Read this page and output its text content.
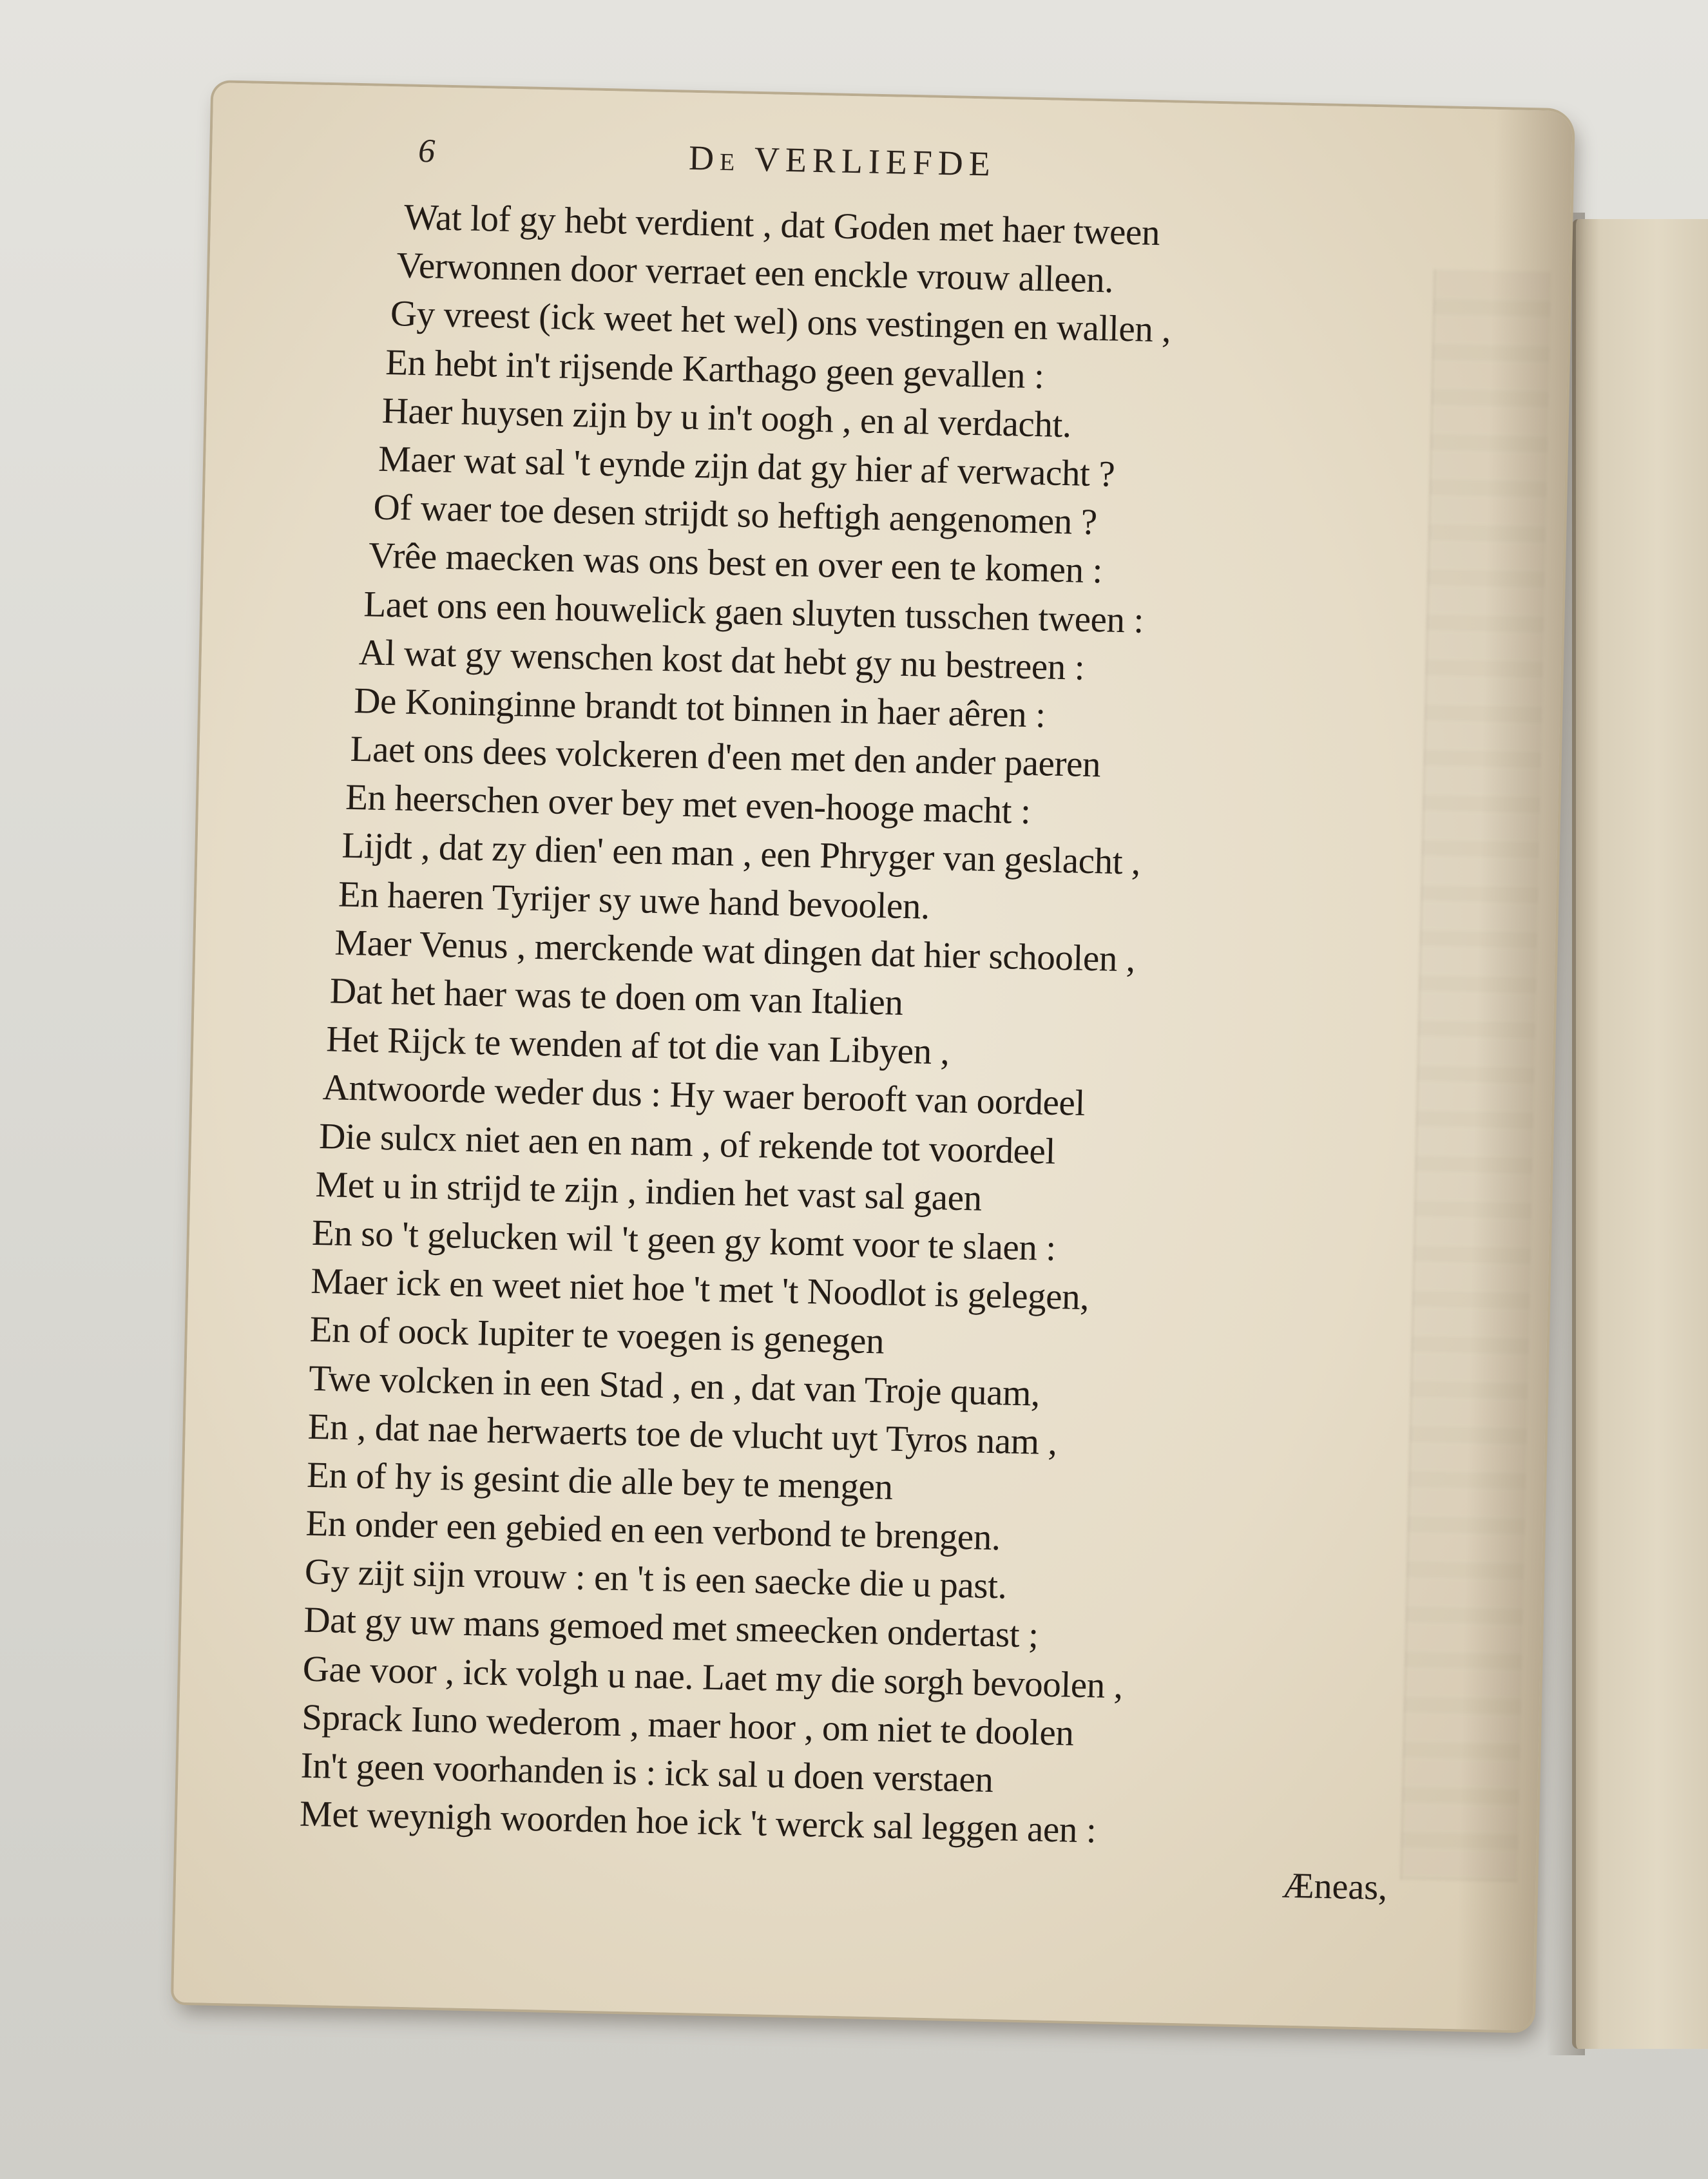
6	De VERLIEFDE
Wat lof gy hebt verdient , dat Goden met haer tween
Verwonnen door verraet een enckle vrouw alleen.
Gy vreest (ick weet het wel) ons vestingen en wallen ,
En hebt in't rijsende Karthago geen gevallen :
Haer huysen zijn by u in't oogh , en al verdacht.
Maer wat sal 't eynde zijn dat gy hier af verwacht ?
Of waer toe desen strijdt so heftigh aengenomen ?
Vrêe maecken was ons best en over een te komen :
Laet ons een houwelick gaen sluyten tusschen tween :
Al wat gy wenschen kost dat hebt gy nu bestreen :
De Koninginne brandt tot binnen in haer aêren :
Laet ons dees volckeren d'een met den ander paeren
En heerschen over bey met even-hooge macht :
Lijdt , dat zy dien' een man , een Phryger van geslacht ,
En haeren Tyrijer sy uwe hand bevoolen.
Maer Venus , merckende wat dingen dat hier schoolen ,
Dat het haer was te doen om van Italien
Het Rijck te wenden af tot die van Libyen ,
Antwoorde weder dus : Hy waer berooft van oordeel
Die sulcx niet aen en nam , of rekende tot voordeel
Met u in strijd te zijn , indien het vast sal gaen
En so 't gelucken wil 't geen gy komt voor te slaen :
Maer ick en weet niet hoe 't met 't Noodlot is gelegen,
En of oock Iupiter te voegen is genegen
Twe volcken in een Stad , en , dat van Troje quam,
En , dat nae herwaerts toe de vlucht uyt Tyros nam ,
En of hy is gesint die alle bey te mengen
En onder een gebied en een verbond te brengen.
Gy zijt sijn vrouw : en 't is een saecke die u past.
Dat gy uw mans gemoed met smeecken ondertast ;
Gae voor , ick volgh u nae. Laet my die sorgh bevoolen ,
Sprack Iuno wederom , maer hoor , om niet te doolen
In't geen voorhanden is : ick sal u doen verstaen
Met weynigh woorden hoe ick 't werck sal leggen aen :
Æneas,
